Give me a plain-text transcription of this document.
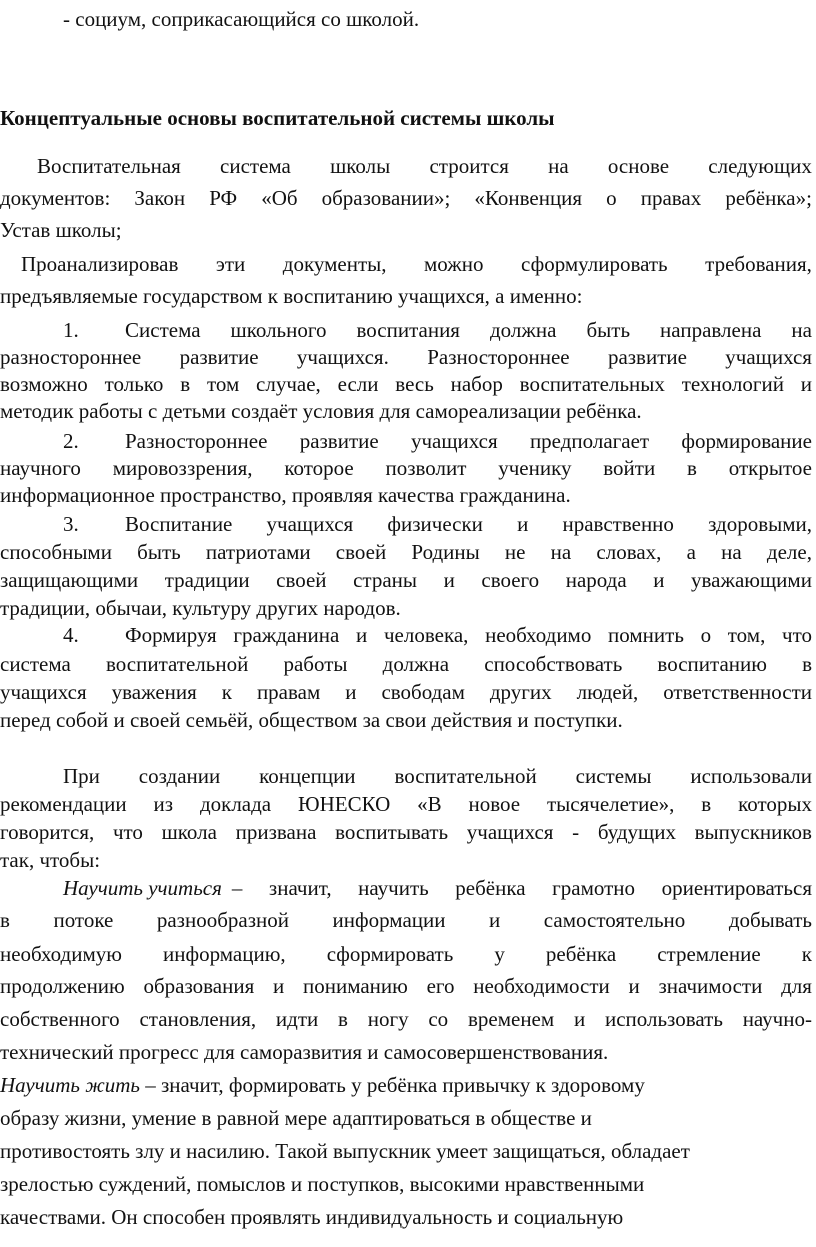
- социум, соприкасающийся со школой.
Концептуальные основы воспитательной системы школы
Воспитательная система школы строится на основе следующих
документов: Закон РФ «Об образовании»; «Конвенция о правах ребёнка»;
Устав школы;
Проанализировав эти документы, можно сформулировать требования,
предъявляемые государством к воспитанию учащихся, а именно:
1.	Система школьного воспитания должна быть направлена на
разностороннее развитие учащихся. Разностороннее развитие учащихся
возможно только в том случае, если весь набор воспитательных технологий и
методик работы с детьми создаёт условия для самореализации ребёнка.
2.	Разностороннее развитие учащихся предполагает формирование
научного мировоззрения, которое позволит ученику войти в открытое
информационное пространство, проявляя качества гражданина.
3.	Воспитание учащихся физически и нравственно здоровыми,
способными быть патриотами своей Родины не на словах, а на деле,
защищающими традиции своей страны и своего народа и уважающими
традиции, обычаи, культуру других народов.
4.	Формируя гражданина и человека, необходимо помнить о том, что
система воспитательной работы должна способствовать воспитанию в
учащихся уважения к правам и свободам других людей, ответственности
перед собой и своей семьёй, обществом за свои действия и поступки.
При создании концепции воспитательной системы использовали
рекомендации из доклада ЮНЕСКО «В новое тысячелетие», в которых
говорится, что школа призвана воспитывать учащихся - будущих выпускников
так, чтобы:
Научить учиться – значит, научить ребёнка грамотно ориентироваться
в потоке разнообразной информации и самостоятельно добывать
необходимую информацию, сформировать у ребёнка стремление к
продолжению образования и пониманию его необходимости и значимости для
собственного становления, идти в ногу со временем и использовать научно-
технический прогресс для саморазвития и самосовершенствования.
Научить жить – значит, формировать у ребёнка привычку к здоровому
образу жизни, умение в равной мере адаптироваться в обществе и
противостоять злу и насилию. Такой выпускник умеет защищаться, обладает
зрелостью суждений, помыслов и поступков, высокими нравственными
качествами. Он способен проявлять индивидуальность и социальную
